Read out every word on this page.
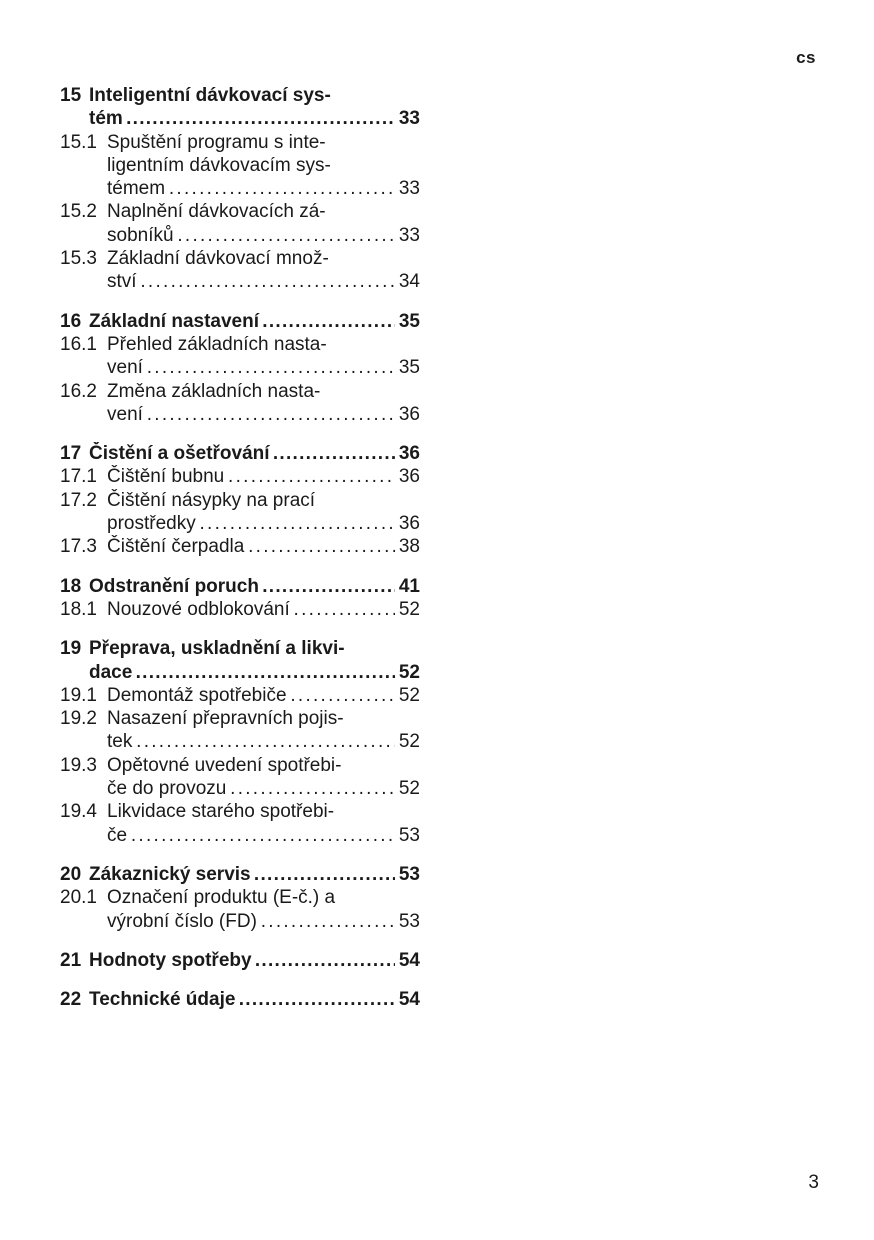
cs
15 Inteligentní dávkovací sys-
tém . . .	33
15.1 Spuštění programu s inte-
ligentním dávkovacím sys-
témem . . .	33
15.2 Naplnění dávkovacích zá-
sobníků . . .	33
15.3 Základní dávkovací množ-
ství . . .	34
16 Základní nastavení . . .	35
16.1 Přehled základních nasta-
vení . . .	35
16.2 Změna základních nasta-
vení . . .	36
17 Čistění a ošetřování . . .	36
17.1 Čištění bubnu . . .	36
17.2 Čištění násypky na prací
prostředky . . .	36
17.3 Čištění čerpadla . . .	38
18 Odstranění poruch . . .	41
18.1 Nouzové odblokování . . .	52
19 Přeprava, uskladnění a likvi-
dace . . .	52
19.1 Demontáž spotřebiče . . .	52
19.2 Nasazení přepravních pojis-
tek . . .	52
19.3 Opětovné uvedení spotřebi-
če do provozu . . .	52
19.4 Likvidace starého spotřebi-
če . . .	53
20 Zákaznický servis . . .	53
20.1 Označení produktu (E-č.) a
výrobní číslo (FD) . . .	53
21 Hodnoty spotřeby . . .	54
22 Technické údaje . . .	54
3
